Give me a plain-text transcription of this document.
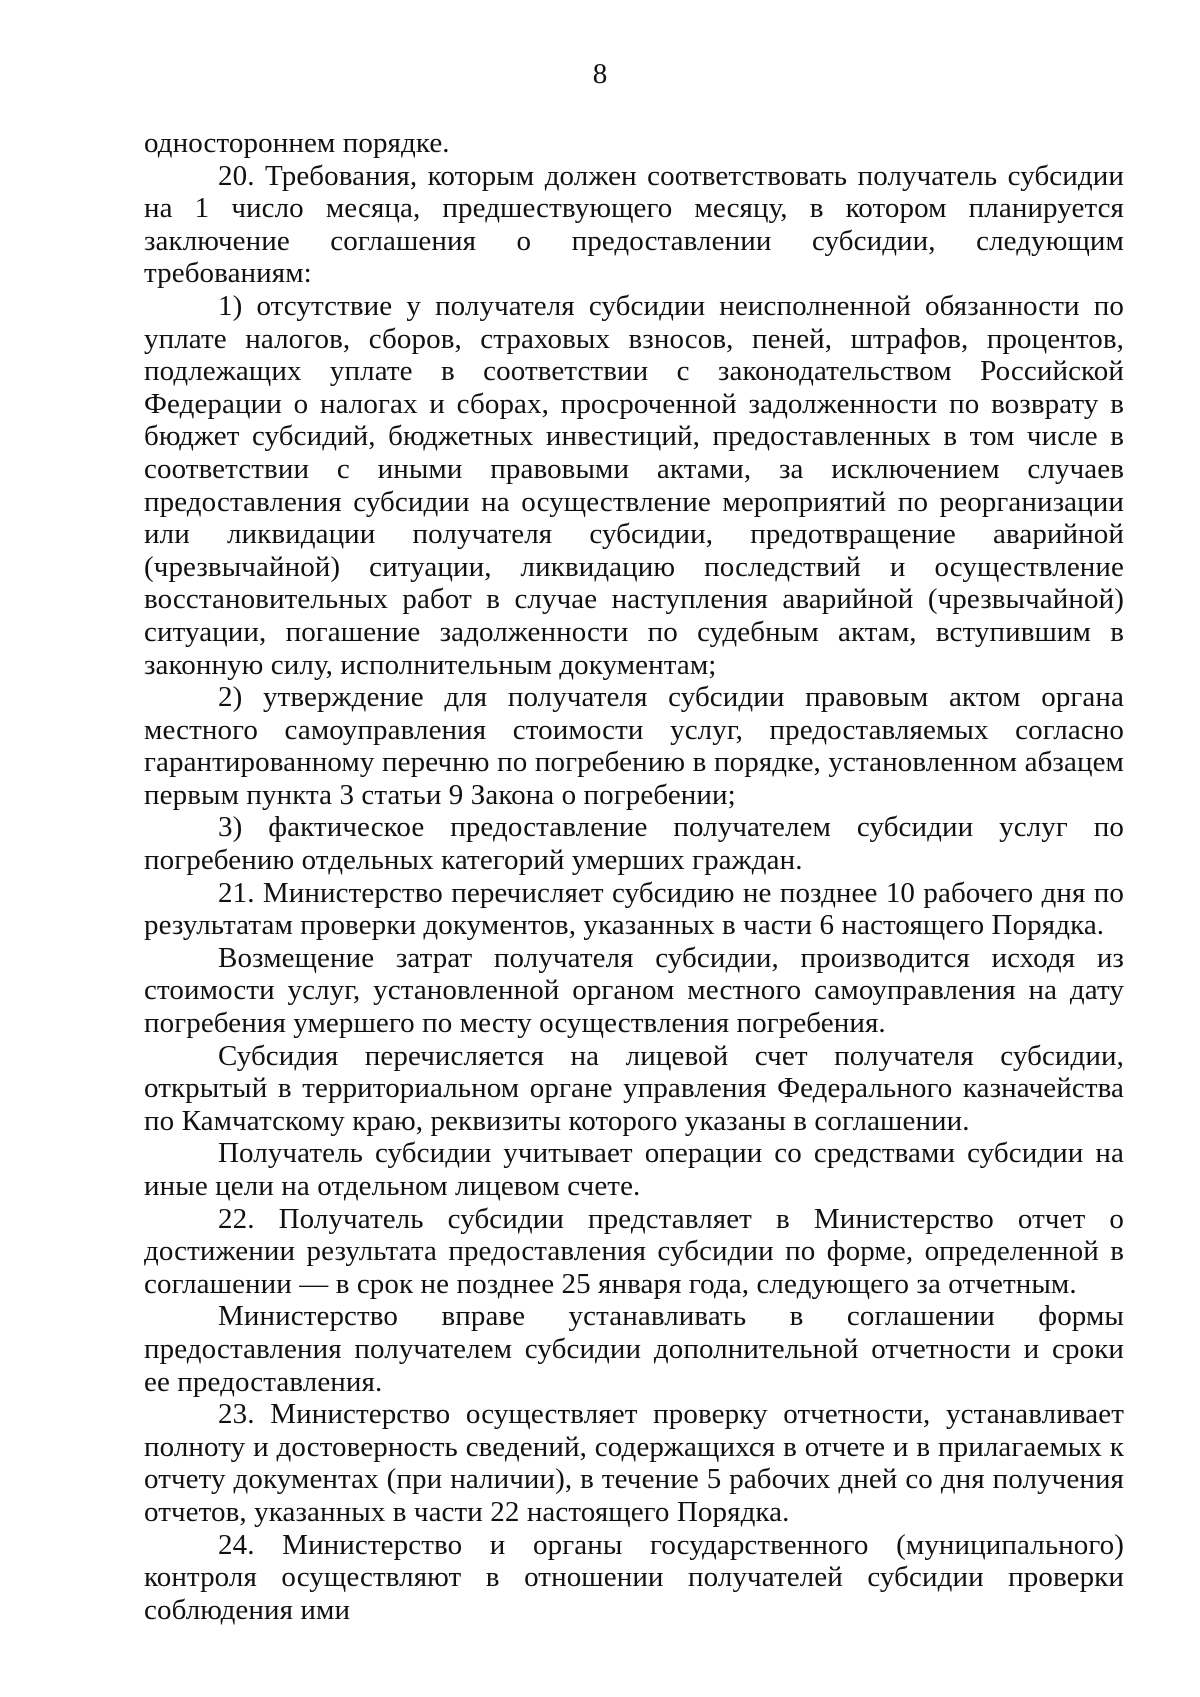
8

одностороннем порядке.

20. Требования, которым должен соответствовать получатель субсидии на 1 число месяца, предшествующего месяцу, в котором планируется заключение соглашения о предоставлении субсидии, следующим требованиям:

1) отсутствие у получателя субсидии неисполненной обязанности по уплате налогов, сборов, страховых взносов, пеней, штрафов, процентов, подлежащих уплате в соответствии с законодательством Российской Федерации о налогах и сборах, просроченной задолженности по возврату в бюджет субсидий, бюджетных инвестиций, предоставленных в том числе в соответствии с иными правовыми актами, за исключением случаев предоставления субсидии на осуществление мероприятий по реорганизации или ликвидации получателя субсидии, предотвращение аварийной (чрезвычайной) ситуации, ликвидацию последствий и осуществление восстановительных работ в случае наступления аварийной (чрезвычайной) ситуации, погашение задолженности по судебным актам, вступившим в законную силу, исполнительным документам;

2) утверждение для получателя субсидии правовым актом органа местного самоуправления стоимости услуг, предоставляемых согласно гарантированному перечню по погребению в порядке, установленном абзацем первым пункта 3 статьи 9 Закона о погребении;

3) фактическое предоставление получателем субсидии услуг по погребению отдельных категорий умерших граждан.

21. Министерство перечисляет субсидию не позднее 10 рабочего дня по результатам проверки документов, указанных в части 6 настоящего Порядка.

Возмещение затрат получателя субсидии, производится исходя из стоимости услуг, установленной органом местного самоуправления на дату погребения умершего по месту осуществления погребения.

Субсидия перечисляется на лицевой счет получателя субсидии, открытый в территориальном органе управления Федерального казначейства по Камчатскому краю, реквизиты которого указаны в соглашении.

Получатель субсидии учитывает операции со средствами субсидии на иные цели на отдельном лицевом счете.

22. Получатель субсидии представляет в Министерство отчет о достижении результата предоставления субсидии по форме, определенной в соглашении — в срок не позднее 25 января года, следующего за отчетным.

Министерство вправе устанавливать в соглашении формы предоставления получателем субсидии дополнительной отчетности и сроки ее предоставления.

23. Министерство осуществляет проверку отчетности, устанавливает полноту и достоверность сведений, содержащихся в отчете и в прилагаемых к отчету документах (при наличии), в течение 5 рабочих дней со дня получения отчетов, указанных в части 22 настоящего Порядка.

24. Министерство и органы государственного (муниципального) контроля осуществляют в отношении получателей субсидии проверки соблюдения ими
